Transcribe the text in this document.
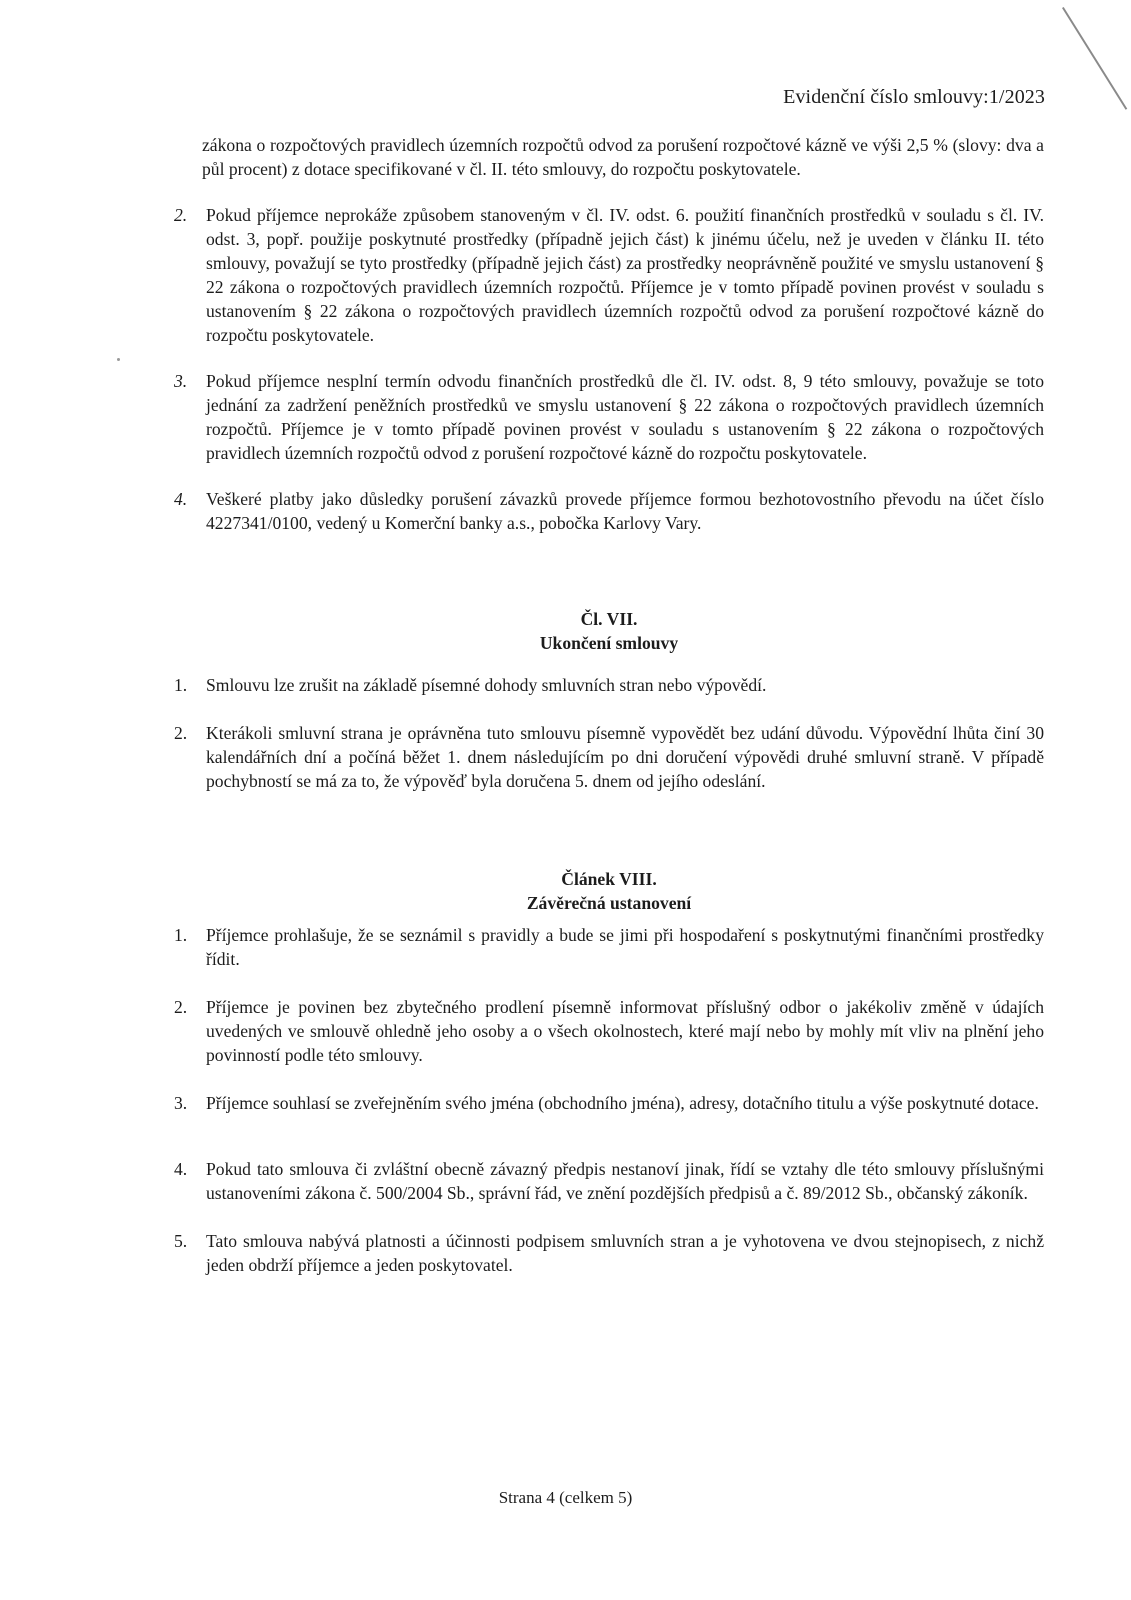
Evidenční číslo smlouvy:1/2023

zákona o rozpočtových pravidlech územních rozpočtů odvod za porušení rozpočtové kázně ve výši 2,5 % (slovy: dva a půl procent) z dotace specifikované v čl. II. této smlouvy, do rozpočtu poskytovatele.

2.	Pokud příjemce neprokáže způsobem stanoveným v čl. IV. odst. 6. použití finančních prostředků v souladu s čl. IV. odst. 3, popř. použije poskytnuté prostředky (případně jejich část) k jinému účelu, než je uveden v článku II. této smlouvy, považují se tyto prostředky (případně jejich část) za prostředky neoprávněně použité ve smyslu ustanovení § 22 zákona o rozpočtových pravidlech územních rozpočtů. Příjemce je v tomto případě povinen provést v souladu s ustanovením § 22 zákona o rozpočtových pravidlech územních rozpočtů odvod za porušení rozpočtové kázně do rozpočtu poskytovatele.
3.	Pokud příjemce nesplní termín odvodu finančních prostředků dle čl. IV. odst. 8, 9 této smlouvy, považuje se toto jednání za zadržení peněžních prostředků ve smyslu ustanovení § 22 zákona o rozpočtových pravidlech územních rozpočtů. Příjemce je v tomto případě povinen provést v souladu s ustanovením § 22 zákona o rozpočtových pravidlech územních rozpočtů odvod z porušení rozpočtové kázně do rozpočtu poskytovatele.
4.	Veškeré platby jako důsledky porušení závazků provede příjemce formou bezhotovostního převodu na účet číslo 4227341/0100, vedený u Komerční banky a.s., pobočka Karlovy Vary.

Čl. VII.

Ukončení smlouvy

1.	Smlouvu lze zrušit na základě písemné dohody smluvních stran nebo výpovědí.
2.	Kterákoli smluvní strana je oprávněna tuto smlouvu písemně vypovědět bez udání důvodu. Výpovědní lhůta činí 30 kalendářních dní a počíná běžet 1. dnem následujícím po dni doručení výpovědi druhé smluvní straně. V případě pochybností se má za to, že výpověď byla doručena 5. dnem od jejího odeslání.

Článek VIII.

Závěrečná ustanovení

1.	Příjemce prohlašuje, že se seznámil s pravidly a bude se jimi při hospodaření s poskytnutými finančními prostředky řídit.
2.	Příjemce je povinen bez zbytečného prodlení písemně informovat příslušný odbor o jakékoliv změně v údajích uvedených ve smlouvě ohledně jeho osoby a o všech okolnostech, které mají nebo by mohly mít vliv na plnění jeho povinností podle této smlouvy.
3.	Příjemce souhlasí se zveřejněním svého jména (obchodního jména), adresy, dotačního titulu a výše poskytnuté dotace.
4.	Pokud tato smlouva či zvláštní obecně závazný předpis nestanoví jinak, řídí se vztahy dle této smlouvy příslušnými ustanoveními zákona č. 500/2004 Sb., správní řád, ve znění pozdějších předpisů a č. 89/2012 Sb., občanský zákoník.
5.	Tato smlouva nabývá platnosti a účinnosti podpisem smluvních stran a je vyhotovena ve dvou stejnopisech, z nichž jeden obdrží příjemce a jeden poskytovatel.
Strana 4 (celkem 5)
